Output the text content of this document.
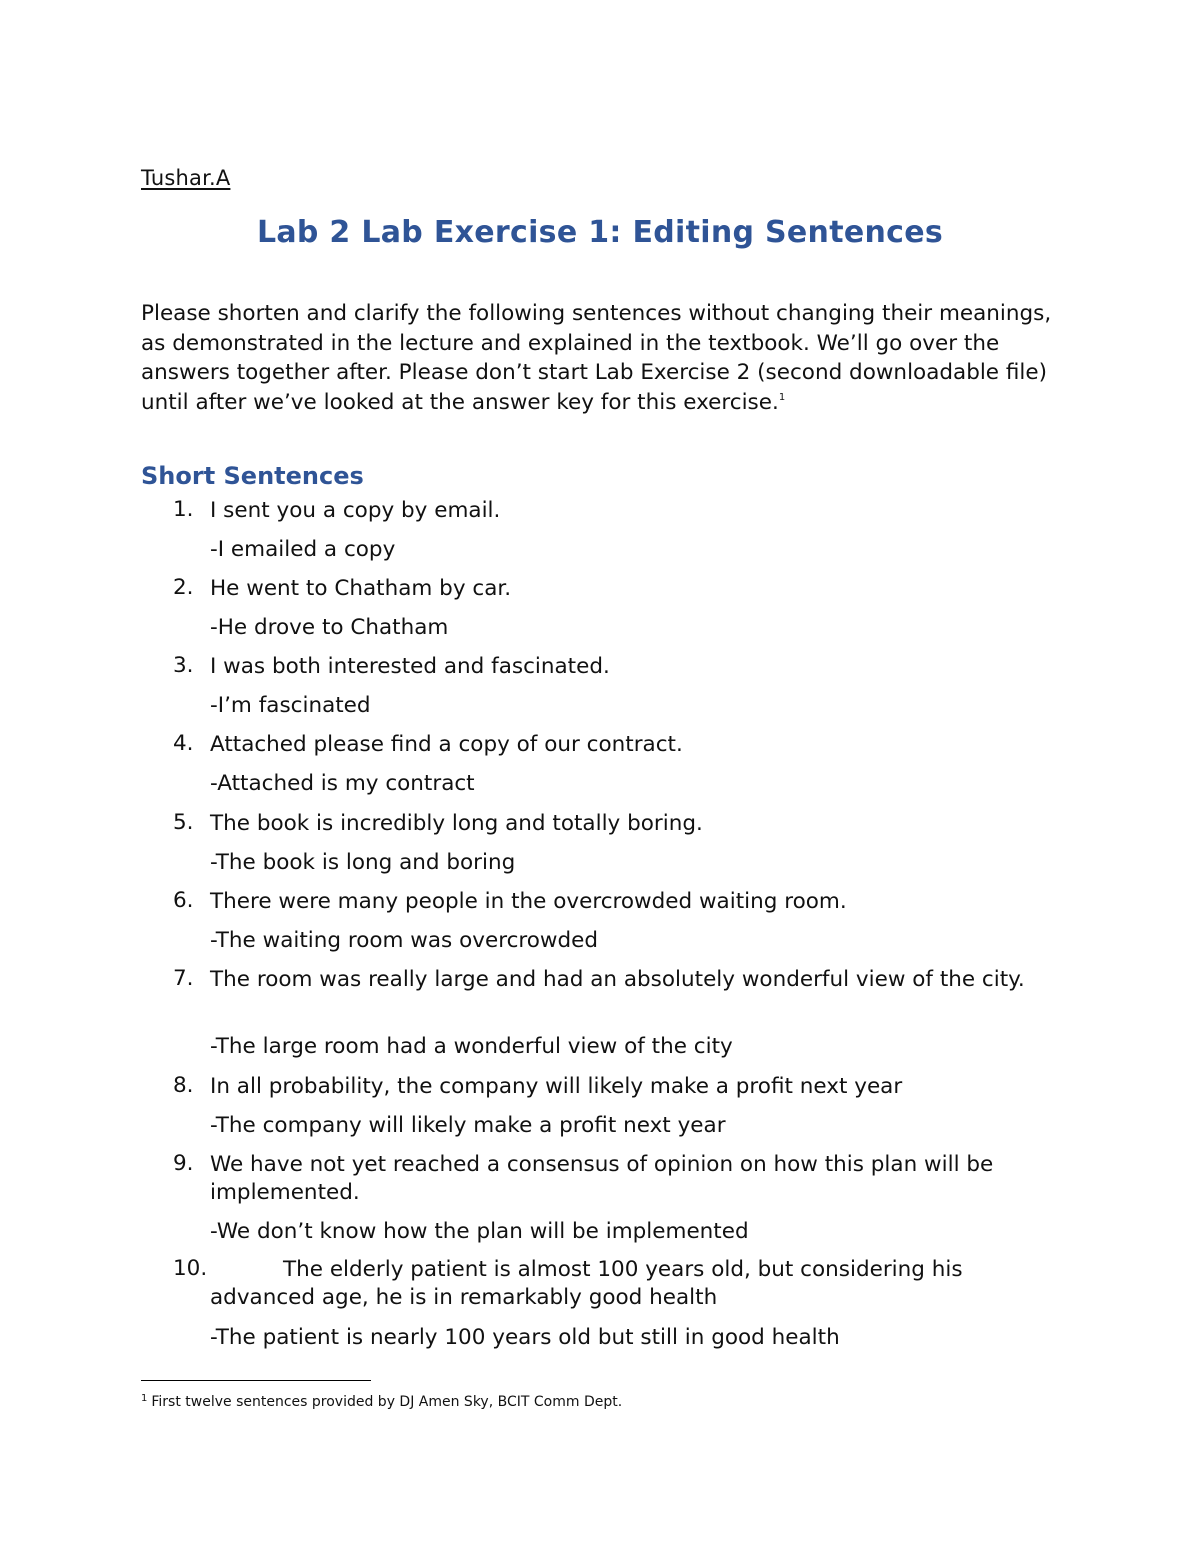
Tushar.A
Lab 2 Lab Exercise 1: Editing Sentences
Please shorten and clarify the following sentences without changing their meanings, as demonstrated in the lecture and explained in the textbook. We’ll go over the answers together after. Please don’t start Lab Exercise 2 (second downloadable file) until after we’ve looked at the answer key for this exercise.$^1$
Short Sentences
1. I sent you a copy by email.
-I emailed a copy
2. He went to Chatham by car.
-He drove to Chatham
3. I was both interested and fascinated.
-I’m fascinated
4. Attached please find a copy of our contract.
-Attached is my contract
5. The book is incredibly long and totally boring.
-The book is long and boring
6. There were many people in the overcrowded waiting room.
-The waiting room was overcrowded
7. The room was really large and had an absolutely wonderful view of the city.
-The large room had a wonderful view of the city
8. In all probability, the company will likely make a profit next year
-The company will likely make a profit next year
9. We have not yet reached a consensus of opinion on how this plan will be implemented.
-We don’t know how the plan will be implemented
10.	The elderly patient is almost 100 years old, but considering his advanced age, he is in remarkably good health
-The patient is nearly 100 years old but still in good health
$^1$ First twelve sentences provided by DJ Amen Sky, BCIT Comm Dept.
